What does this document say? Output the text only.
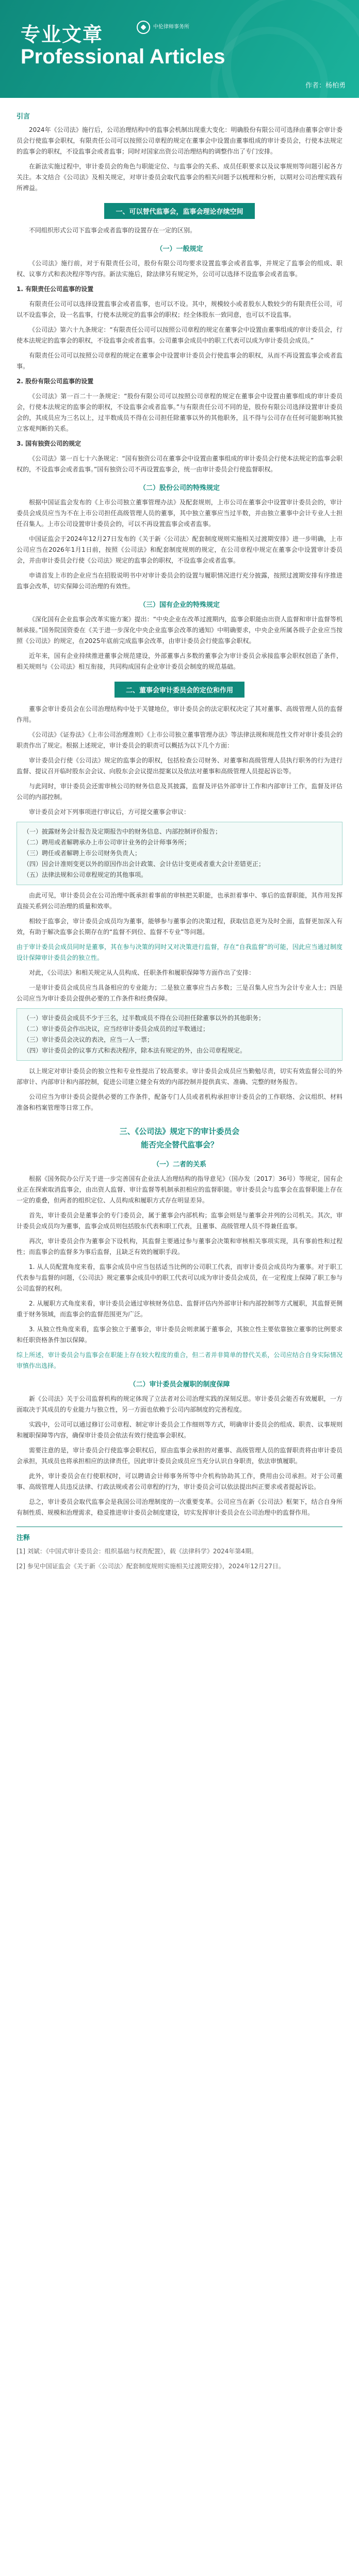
专业文章
Professional Articles
中伦律师事务所
作者：杨柏勇
引言

2024年《公司法》施行后，公司治理结构中的监事会机制出现重大变化：明确股份有限公司可选择由董事会审计委员会行使监事会职权，有限责任公司可以按照公司章程的规定在董事会中设置由董事组成的审计委员会，行使本法规定的监事会的职权，不设监事会或者监事；同时对国家出资公司治理结构的调整作出了专门安排。

在新法实施过程中，审计委员会的角色与职能定位、与监事会的关系、成员任职要求以及议事规则等问题引起各方关注。本文结合《公司法》及相关规定，对审计委员会取代监事会的相关问题予以梳理和分析，以期对公司治理实践有所裨益。

一、可以替代监事会，监事会理论存续空间

不同组织形式公司下监事会或者监事的设置存在一定的区别。

（一）一般规定

《公司法》施行前，对于有限责任公司，股份有限公司均要求设置监事会或者监事，并规定了监事会的组成、职权、议事方式和表决程序等内容。新法实施后，除法律另有规定外，公司可以选择不设监事会或者监事。

1. 有限责任公司监事的设置

有限责任公司可以选择设置监事会或者监事，也可以不设。其中，规模较小或者股东人数较少的有限责任公司，可以不设监事会，设一名监事，行使本法规定的监事会的职权；经全体股东一致同意，也可以不设监事。

《公司法》第六十九条规定：“有限责任公司可以按照公司章程的规定在董事会中设置由董事组成的审计委员会，行使本法规定的监事会的职权，不设监事会或者监事。公司董事会成员中的职工代表可以成为审计委员会成员。”

有限责任公司可以按照公司章程的规定在董事会中设置审计委员会行使监事会的职权，从而不再设置监事会或者监事。

2. 股份有限公司监事的设置

《公司法》第一百二十一条规定：“股份有限公司可以按照公司章程的规定在董事会中设置由董事组成的审计委员会，行使本法规定的监事会的职权，不设监事会或者监事。”与有限责任公司不同的是，股份有限公司选择设置审计委员会的，其成员应为三名以上，过半数成员不得在公司担任除董事以外的其他职务，且不得与公司存在任何可能影响其独立客观判断的关系。

3. 国有独资公司的规定

《公司法》第一百七十六条规定：“国有独资公司在董事会中设置由董事组成的审计委员会行使本法规定的监事会职权的，不设监事会或者监事。”国有独资公司不再设置监事会，统一由审计委员会行使监督职权。

（二）股份公司的特殊规定

根据中国证监会发布的《上市公司独立董事管理办法》及配套规则，上市公司在董事会中设置审计委员会的，审计委员会成员应当为不在上市公司担任高级管理人员的董事，其中独立董事应当过半数，并由独立董事中会计专业人士担任召集人。上市公司设置审计委员会的，可以不再设置监事会或者监事。

中国证监会于2024年12月27日发布的《关于新〈公司法〉配套制度规则实施相关过渡期安排》进一步明确，上市公司应当在2026年1月1日前，按照《公司法》和配套制度规则的规定，在公司章程中规定在董事会中设置审计委员会，并由审计委员会行使《公司法》规定的监事会的职权，不设监事会或者监事。

申请首发上市的企业应当在招股说明书中对审计委员会的设置与履职情况进行充分披露，按照过渡期安排有序推进监事会改革，切实保障公司治理的有效性。

（三）国有企业的特殊规定

《深化国有企业监事会改革实施方案》提出：“中央企业在改革过渡期内，监事会职能由出资人监督和审计监督等机制承接。”国务院国资委在《关于进一步深化中央企业监事会改革的通知》中明确要求，中央企业所属各级子企业应当按照《公司法》的规定，在2025年底前完成监事会改革，由审计委员会行使监事会职权。

近年来，国有企业持续推进董事会规范建设，外部董事占多数的董事会为审计委员会承接监事会职权创造了条件，相关规则与《公司法》相互衔接，共同构成国有企业审计委员会制度的规范基础。

二、董事会审计委员会的定位和作用

董事会审计委员会在公司治理结构中处于关键地位，审计委员会的法定职权决定了其对董事、高级管理人员的监督作用。

《公司法》《证券法》《上市公司治理准则》《上市公司独立董事管理办法》等法律法规和规范性文件对审计委员会的职责作出了规定。根据上述规定，审计委员会的职责可以概括为以下几个方面：

审计委员会行使《公司法》规定的监事会的职权，包括检查公司财务、对董事和高级管理人员执行职务的行为进行监督、提议召开临时股东会会议、向股东会会议提出提案以及依法对董事和高级管理人员提起诉讼等。

与此同时，审计委员会还需审核公司的财务信息及其披露，监督及评估外部审计工作和内部审计工作，监督及评估公司的内部控制。

审计委员会对下列事项进行审议后，方可提交董事会审议：

（一）披露财务会计报告及定期报告中的财务信息、内部控制评价报告；
（二）聘用或者解聘承办上市公司审计业务的会计师事务所；
（三）聘任或者解聘上市公司财务负责人；
（四）因会计准则变更以外的原因作出会计政策、会计估计变更或者重大会计差错更正；
（五）法律法规和公司章程规定的其他事项。

由此可见，审计委员会在公司治理中既承担着事前的审核把关职能，也承担着事中、事后的监督职能，其作用发挥直接关系到公司治理的质量和效率。

相较于监事会，审计委员会成员均为董事，能够参与董事会的决策过程，获取信息更为及时全面，监督更加深入有效，有助于解决监事会长期存在的“监督不到位、监督不专业”等问题。

由于审计委员会成员同时是董事，其在参与决策的同时又对决策进行监督，存在“自我监督”的可能，因此应当通过制度设计保障审计委员会的独立性。

对此，《公司法》和相关规定从人员构成、任职条件和履职保障等方面作出了安排：

一是审计委员会成员应当具备相应的专业能力；二是独立董事应当占多数；三是召集人应当为会计专业人士；四是公司应当为审计委员会提供必要的工作条件和经费保障。

（一）审计委员会成员不少于三名，过半数成员不得在公司担任除董事以外的其他职务；
（二）审计委员会作出决议，应当经审计委员会成员的过半数通过；
（三）审计委员会决议的表决，应当一人一票；
（四）审计委员会的议事方式和表决程序，除本法有规定的外，由公司章程规定。

以上规定对审计委员会的独立性和专业性提出了较高要求。审计委员会成员应当勤勉尽责，切实有效监督公司的外部审计、内部审计和内部控制，促进公司建立健全有效的内部控制并提供真实、准确、完整的财务报告。

公司应当为审计委员会提供必要的工作条件，配备专门人员或者机构承担审计委员会的工作联络、会议组织、材料准备和档案管理等日常工作。

三、《公司法》规定下的审计委员会
能否完全替代监事会？
（一）二者的关系

根据《国务院办公厅关于进一步完善国有企业法人治理结构的指导意见》（国办发〔2017〕36号）等规定，国有企业正在探索取消监事会，由出资人监督、审计监督等机制承担相应的监督职能。审计委员会与监事会在监督职能上存在一定的重叠，但两者的组织定位、人员构成和履职方式存在明显差异。

首先，审计委员会是董事会的专门委员会，属于董事会内部机构；监事会则是与董事会并列的公司机关。其次，审计委员会成员均为董事，监事会成员则包括股东代表和职工代表，且董事、高级管理人员不得兼任监事。

再次，审计委员会作为董事会下设机构，其监督主要通过参与董事会决策和审核相关事项实现，具有事前性和过程性；而监事会的监督多为事后监督，且缺乏有效的履职手段。

1. 从人员配置角度来看，监事会成员中应当包括适当比例的公司职工代表，而审计委员会成员均为董事。对于职工代表参与监督的问题，《公司法》规定董事会成员中的职工代表可以成为审计委员会成员，在一定程度上保障了职工参与公司监督的权利。

2. 从履职方式角度来看，审计委员会通过审核财务信息、监督评估内外部审计和内部控制等方式履职，其监督更侧重于财务领域，而监事会的监督范围更为广泛。

3. 从独立性角度来看，监事会独立于董事会，审计委员会则隶属于董事会，其独立性主要依靠独立董事的比例要求和任职资格条件加以保障。

综上所述，审计委员会与监事会在职能上存在较大程度的重合，但二者并非简单的替代关系，公司应结合自身实际情况审慎作出选择。

（二）审计委员会履职的制度保障

新《公司法》关于公司监督机构的规定体现了立法者对公司治理实践的深刻反思。审计委员会能否有效履职，一方面取决于其成员的专业能力与独立性，另一方面也依赖于公司内部制度的完善程度。

实践中，公司可以通过修订公司章程、制定审计委员会工作细则等方式，明确审计委员会的组成、职责、议事规则和履职保障等内容，确保审计委员会依法有效行使监事会职权。

需要注意的是，审计委员会行使监事会职权后，原由监事会承担的对董事、高级管理人员的监督职责将由审计委员会承担，其成员也将承担相应的法律责任，因此审计委员会成员应当充分认识自身职责，依法审慎履职。

此外，审计委员会在行使职权时，可以聘请会计师事务所等中介机构协助其工作，费用由公司承担。对于公司董事、高级管理人员违反法律、行政法规或者公司章程的行为，审计委员会可以依法提出纠正要求或者提起诉讼。

总之，审计委员会取代监事会是我国公司治理制度的一次重要变革。公司应当在新《公司法》框架下，结合自身所有制性质、规模和治理需求，稳妥推进审计委员会制度建设，切实发挥审计委员会在公司治理中的监督作用。

注释

[1] 刘斌：《中国式审计委员会：组织基础与权责配置》，载《法律科学》2024年第4期。

[2] 参见中国证监会《关于新〈公司法〉配套制度规则实施相关过渡期安排》，2024年12月27日。
